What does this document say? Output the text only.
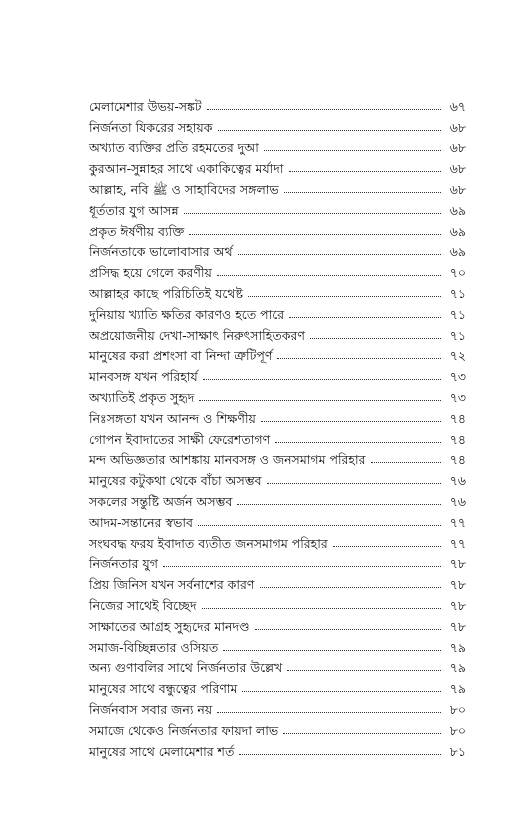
মেলামেশার উভয়-সঙ্কট	৬৭
নির্জনতা যিকরের সহায়ক	৬৮
অখ্যাত ব্যক্তির প্রতি রহমতের দুআ	৬৮
কুরআন-সুন্নাহর সাথে একাকিত্বের মর্যাদা	৬৮
আল্লাহ, নবি ﷺ ও সাহাবিদের সঙ্গলাভ	৬৮
ধূর্ততার যুগ আসন্ন	৬৯
প্রকৃত ঈর্ষণীয় ব্যক্তি	৬৯
নির্জনতাকে ভালোবাসার অর্থ	৬৯
প্রসিদ্ধ হয়ে গেলে করণীয়	৭০
আল্লাহর কাছে পরিচিতিই যথেষ্ট	৭১
দুনিয়ায় খ্যাতি ক্ষতির কারণও হতে পারে	৭১
অপ্রয়োজনীয় দেখা-সাক্ষাৎ নিরুৎসাহিতকরণ	৭১
মানুষের করা প্রশংসা বা নিন্দা ত্রুটিপূর্ণ	৭২
মানবসঙ্গ যখন পরিহার্য	৭৩
অখ্যাতিই প্রকৃত সুহৃদ	৭৩
নিঃসঙ্গতা যখন আনন্দ ও শিক্ষণীয়	৭৪
গোপন ইবাদাতের সাক্ষী ফেরেশতাগণ	৭৪
মন্দ অভিজ্ঞতার আশঙ্কায় মানবসঙ্গ ও জনসমাগম পরিহার	৭৪
মানুষের কটুকথা থেকে বাঁচা অসম্ভব	৭৬
সকলের সন্তুষ্টি অর্জন অসম্ভব	৭৬
আদম-সন্তানের স্বভাব	৭৭
সংঘবদ্ধ ফরয ইবাদাত ব্যতীত জনসমাগম পরিহার	৭৭
নির্জনতার যুগ	৭৮
প্রিয় জিনিস যখন সর্বনাশের কারণ	৭৮
নিজের সাথেই বিচ্ছেদ	৭৮
সাক্ষাতের আগ্রহ সুহৃদের মানদণ্ড	৭৮
সমাজ-বিচ্ছিন্নতার ওসিয়ত	৭৯
অন্য গুণাবলির সাথে নির্জনতার উল্লেখ	৭৯
মানুষের সাথে বন্ধুত্বের পরিণাম	৭৯
নির্জনবাস সবার জন্য নয়	৮০
সমাজে থেকেও নির্জনতার ফায়দা লাভ	৮০
মানুষের সাথে মেলামেশার শর্ত	৮১
